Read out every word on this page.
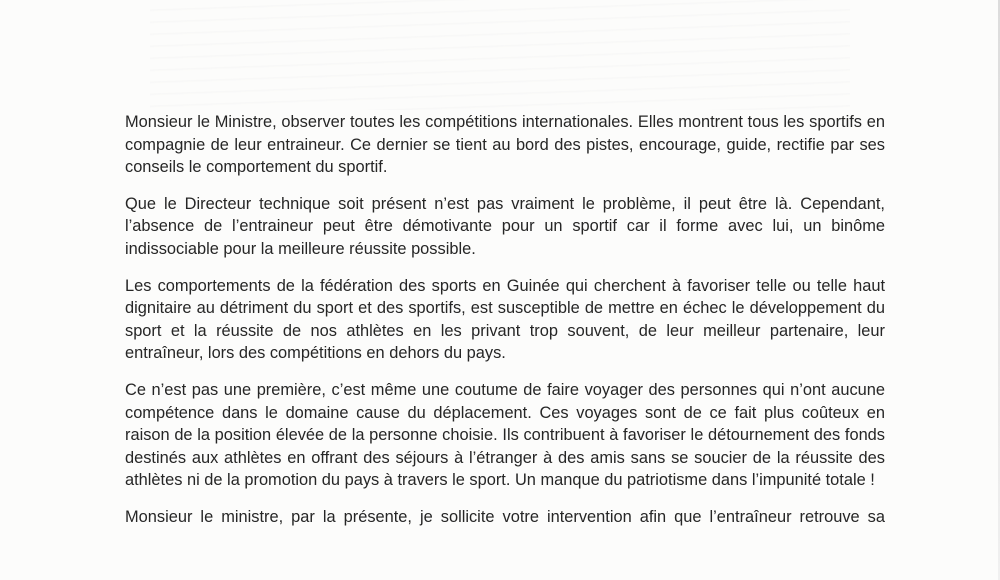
Monsieur le Ministre, observer toutes les compétitions internationales. Elles montrent tous les sportifs en compagnie de leur entraineur. Ce dernier se tient au bord des pistes, encourage, guide, rectifie par ses conseils le comportement du sportif.

Que le Directeur technique soit présent n’est pas vraiment le problème, il peut être là. Cependant, l’absence de l’entraineur peut être démotivante pour un sportif car il forme avec lui, un binôme indissociable pour la meilleure réussite possible.

Les comportements de la fédération des sports en Guinée qui cherchent à favoriser telle ou telle haut dignitaire au détriment du sport et des sportifs, est susceptible de mettre en échec le développement du sport et la réussite de nos athlètes en les privant trop souvent, de leur meilleur partenaire, leur entraîneur, lors des compétitions en dehors du pays.

Ce n’est pas une première, c’est même une coutume de faire voyager des personnes qui n’ont aucune compétence dans le domaine cause du déplacement. Ces voyages sont de ce fait plus coûteux en raison de la position élevée de la personne choisie. Ils contribuent à favoriser le détournement des fonds destinés aux athlètes en offrant des séjours à l’étranger à des amis sans se soucier de la réussite des athlètes ni de la promotion du pays à travers le sport. Un manque du patriotisme dans l’impunité totale !

Monsieur le ministre, par la présente, je sollicite votre intervention afin que l’entraîneur retrouve sa
